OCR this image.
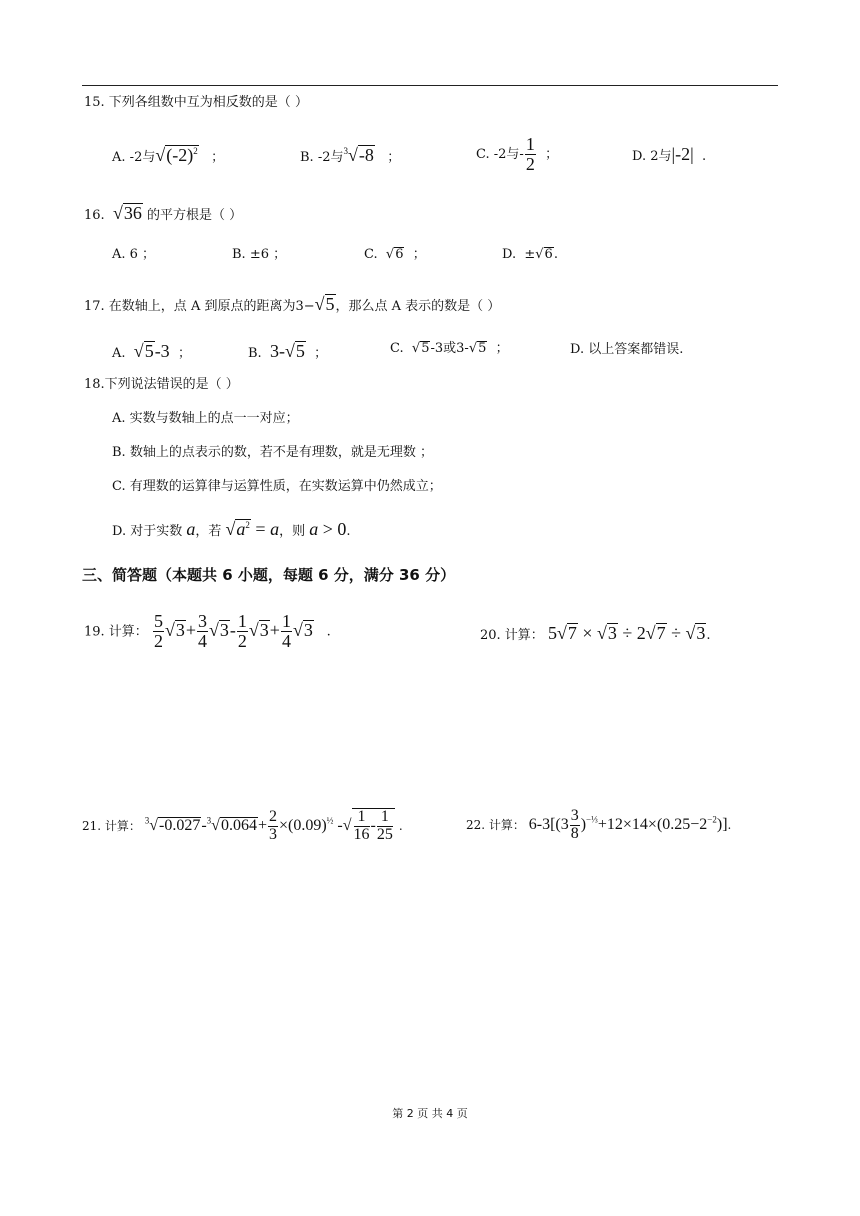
15. 下列各组数中互为相反数的是（ ）
A. -2与$√(-2)^2$   ；	B. -2与$^3$√-8   ；	C. -2与- $\frac{1}{2}$ ；	D. 2与|-2|  .
16.  √36 的平方根是（ ）
A. 6 ；	B. ±6 ；	C. √6  ；	D. ±√6.
17. 在数轴上，点 A 到原点的距离为3−√5，那么点 A 表示的数是（ ）
A. √5-3  ；	B. 3-√5  ；	C. √5-3或3-√5  ；	D. 以上答案都错误.
18.下列说法错误的是（ ）
A. 实数与数轴上的点一一对应；
B. 数轴上的点表示的数，若不是有理数，就是无理数 ；
C. 有理数的运算律与运算性质，在实数运算中仍然成立；
D. 对于实数 a，若 $√a^2 = a$，则 a > 0.
三、简答题（本题共 6 小题，每题 6 分，满分 36 分）
19. 计算： $\frac{5}{2} √3+ \frac{3}{4} √3- \frac{1}{2} √3+ \frac{1}{4} √3$   .	20. 计算： 5√7 × √3 ÷ 2√7 ÷ √3.
21. 计算： $^3√-0.027-^3√0.064+ \frac{2}{3} \times(0.09)^{\frac{1}{2}}$ -√ $\frac{1}{16} - \frac{1}{25}$ .	22. 计算： $6-3[(3 \frac{3}{8} )^{-\frac{1}{3}}+12\times 14\times(0.25-2^{-2})]$.
第 2 页 共 4 页
